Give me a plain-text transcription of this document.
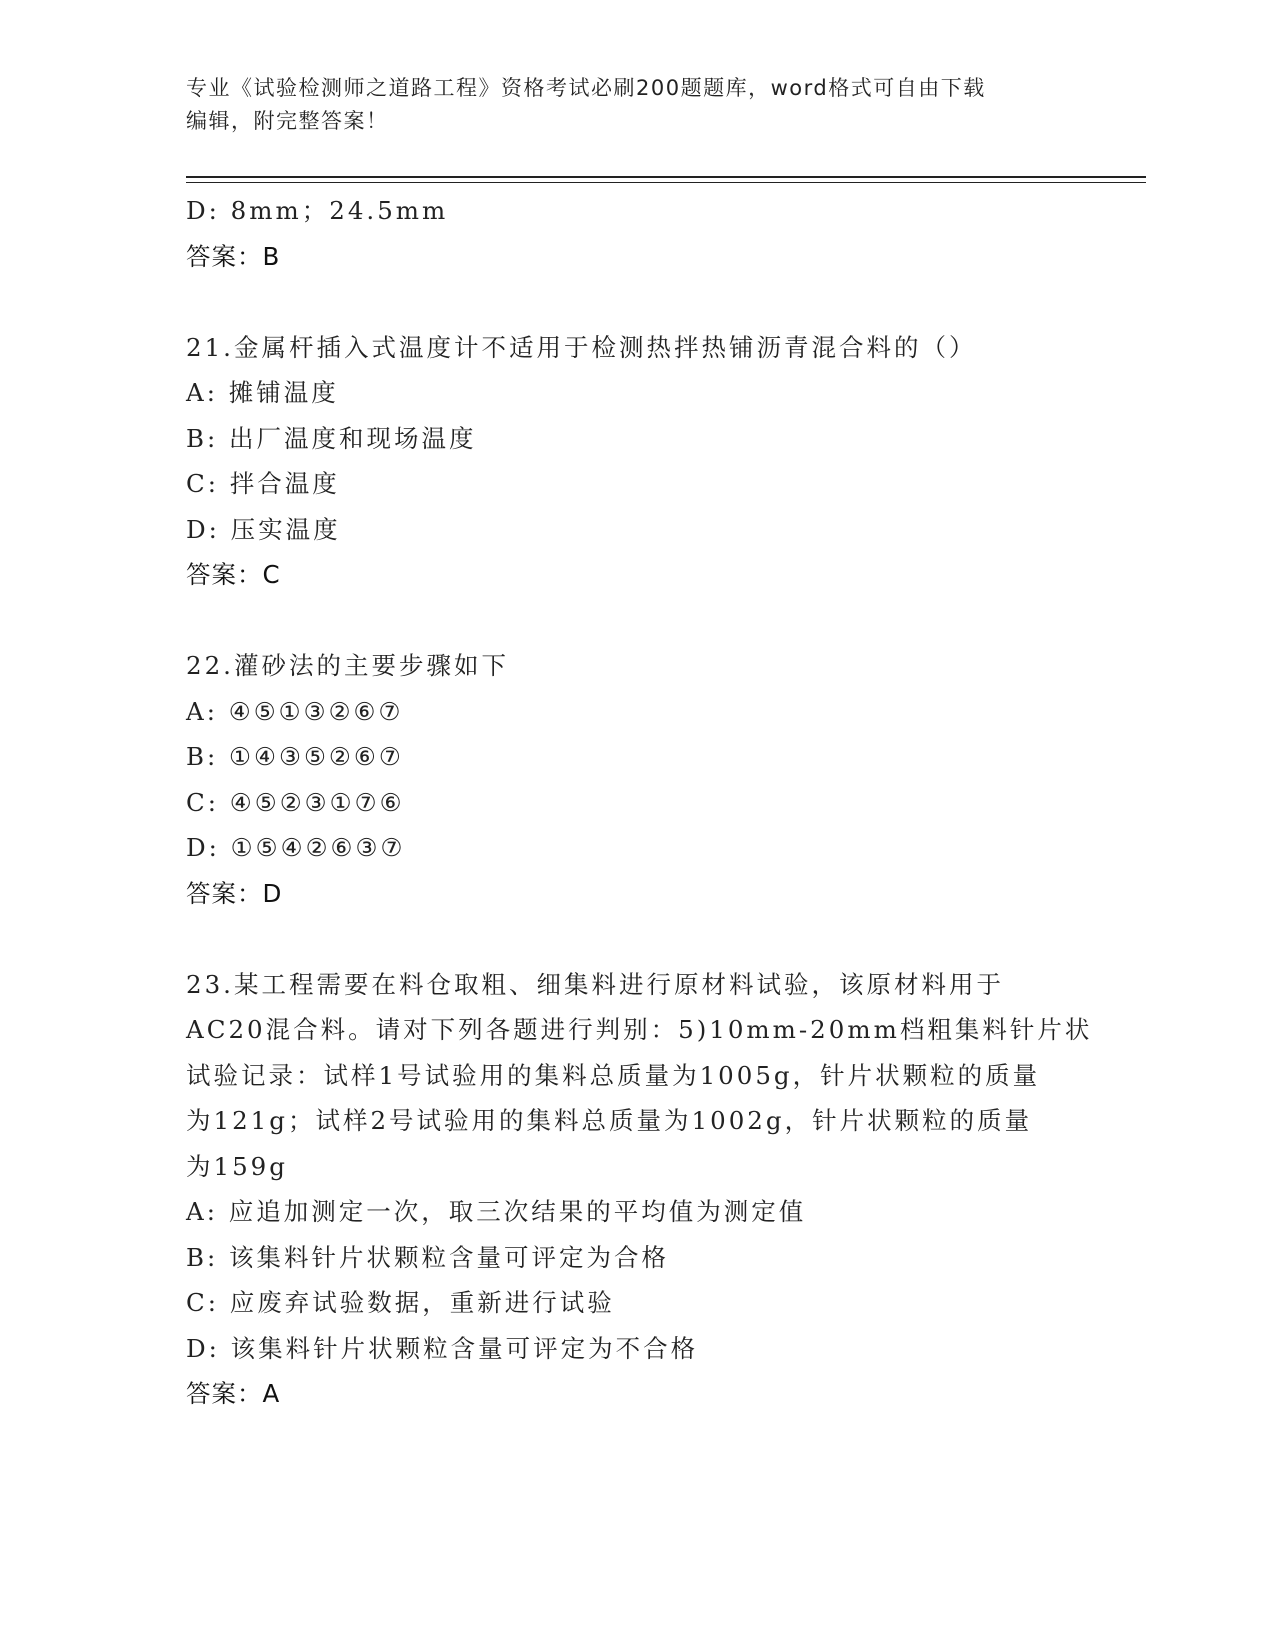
专业《试验检测师之道路工程》资格考试必刷200题题库，word格式可自由下载
编辑，附完整答案！
D: 8mm；24.5mm
答案：B
21.金属杆插入式温度计不适用于检测热拌热铺沥青混合料的（）
A: 摊铺温度
B: 出厂温度和现场温度
C: 拌合温度
D: 压实温度
答案：C
22.灌砂法的主要步骤如下
A: ④⑤①③②⑥⑦
B: ①④③⑤②⑥⑦
C: ④⑤②③①⑦⑥
D: ①⑤④②⑥③⑦
答案：D
23.某工程需要在料仓取粗、细集料进行原材料试验，该原材料用于
AC20混合料。请对下列各题进行判别：5)10mm-20mm档粗集料针片状
试验记录：试样1号试验用的集料总质量为1005g，针片状颗粒的质量
为121g；试样2号试验用的集料总质量为1002g，针片状颗粒的质量
为159g
A: 应追加测定一次，取三次结果的平均值为测定值
B: 该集料针片状颗粒含量可评定为合格
C: 应废弃试验数据，重新进行试验
D: 该集料针片状颗粒含量可评定为不合格
答案：A
